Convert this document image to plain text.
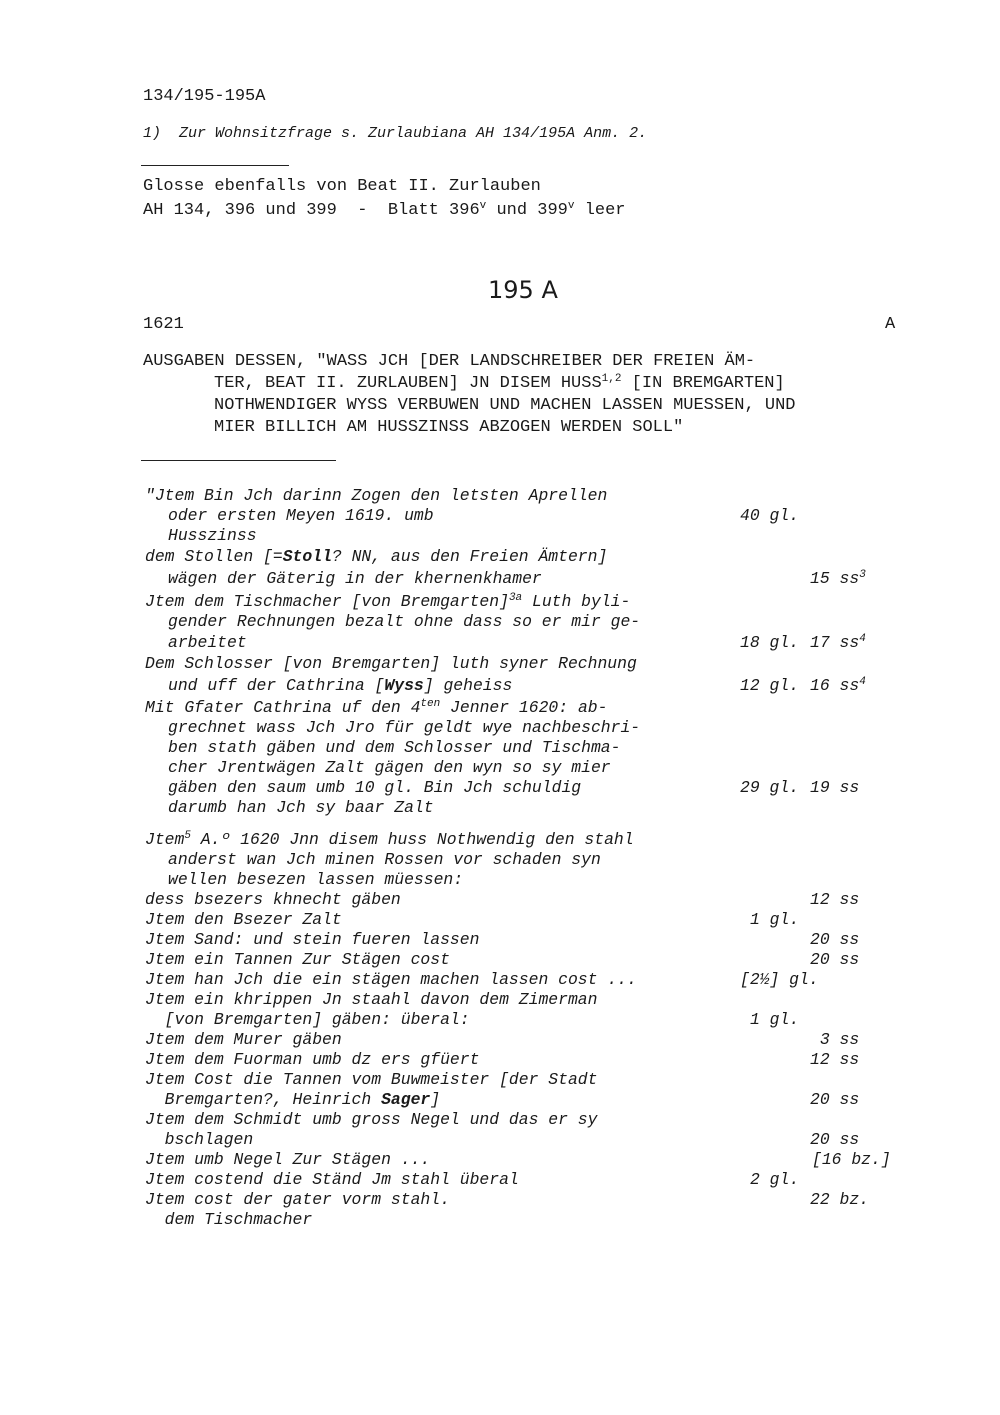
134/195-195A
1)  Zur Wohnsitzfrage s. Zurlaubiana AH 134/195A Anm. 2.
Glosse ebenfalls von Beat II. Zurlauben
AH 134, 396 und 399  -  Blatt 396$^v$ und 399$^v$ leer
195 A
1621	A
AUSGABEN DESSEN, "WASS JCH [DER LANDSCHREIBER DER FREIEN ÄM-
TER, BEAT II. ZURLAUBEN] JN DISEM HUSS$^{1,2}$ [IN BREMGARTEN]
NOTHWENDIGER WYSS VERBUWEN UND MACHEN LASSEN MUESSEN, UND
MIER BILLICH AM HUSSZINSS ABZOGEN WERDEN SOLL"
"Jtem Bin Jch darinn Zogen den letsten Aprellen
oder ersten Meyen 1619. umb	40 gl.
Husszinss
dem Stollen [=Stoll? NN, aus den Freien Ämtern]
wägen der Gäterig in der khernenkhamer	15 $ss^3$
Jtem dem Tischmacher [von Bremgarten]$^{3a}$ Luth byli-
gender Rechnungen bezalt ohne dass so er mir ge-
arbeitet	18 gl. 17 $ss^4$
Dem Schlosser [von Bremgarten] luth syner Rechnung
und uff der Cathrina [Wyss] geheiss	12 gl. 16 $ss^4$
Mit Gfater Cathrina uf den $4^{ten}$ Jenner 1620: ab-
grechnet wass Jch Jro für geldt wye nachbeschri-
ben stath gäben und dem Schlosser und Tischma-
cher Jrentwägen Zalt gägen den wyn so sy mier
gäben den saum umb 10 gl. Bin Jch schuldig	29 gl. 19 ss
darumb han Jch sy baar Zalt
Jtem$^5$ A.º 1620 Jnn disem huss Nothwendig den stahl
anderst wan Jch minen Rossen vor schaden syn
wellen besezen lassen müessen:
dess bsezers khnecht gäben	12 ss
Jtem den Bsezer Zalt	1 gl.
Jtem Sand: und stein fueren lassen	20 ss
Jtem ein Tannen Zur Stägen cost	20 ss
Jtem han Jch die ein stägen machen lassen cost ...	[2½] gl.
Jtem ein khrippen Jn staahl davon dem Zimerman
[von Bremgarten] gäben: überal:	1 gl.
Jtem dem Murer gäben	3 ss
Jtem dem Fuorman umb dz ers gfüert	12 ss
Jtem Cost die Tannen vom Buwmeister [der Stadt
Bremgarten?, Heinrich Sager]	20 ss
Jtem dem Schmidt umb gross Negel und das er sy
bschlagen	20 ss
Jtem umb Negel Zur Stägen ...	[16 bz.]
Jtem costend die Ständ Jm stahl überal	2 gl.
Jtem cost der gater vorm stahl.	22 bz.
dem Tischmacher
